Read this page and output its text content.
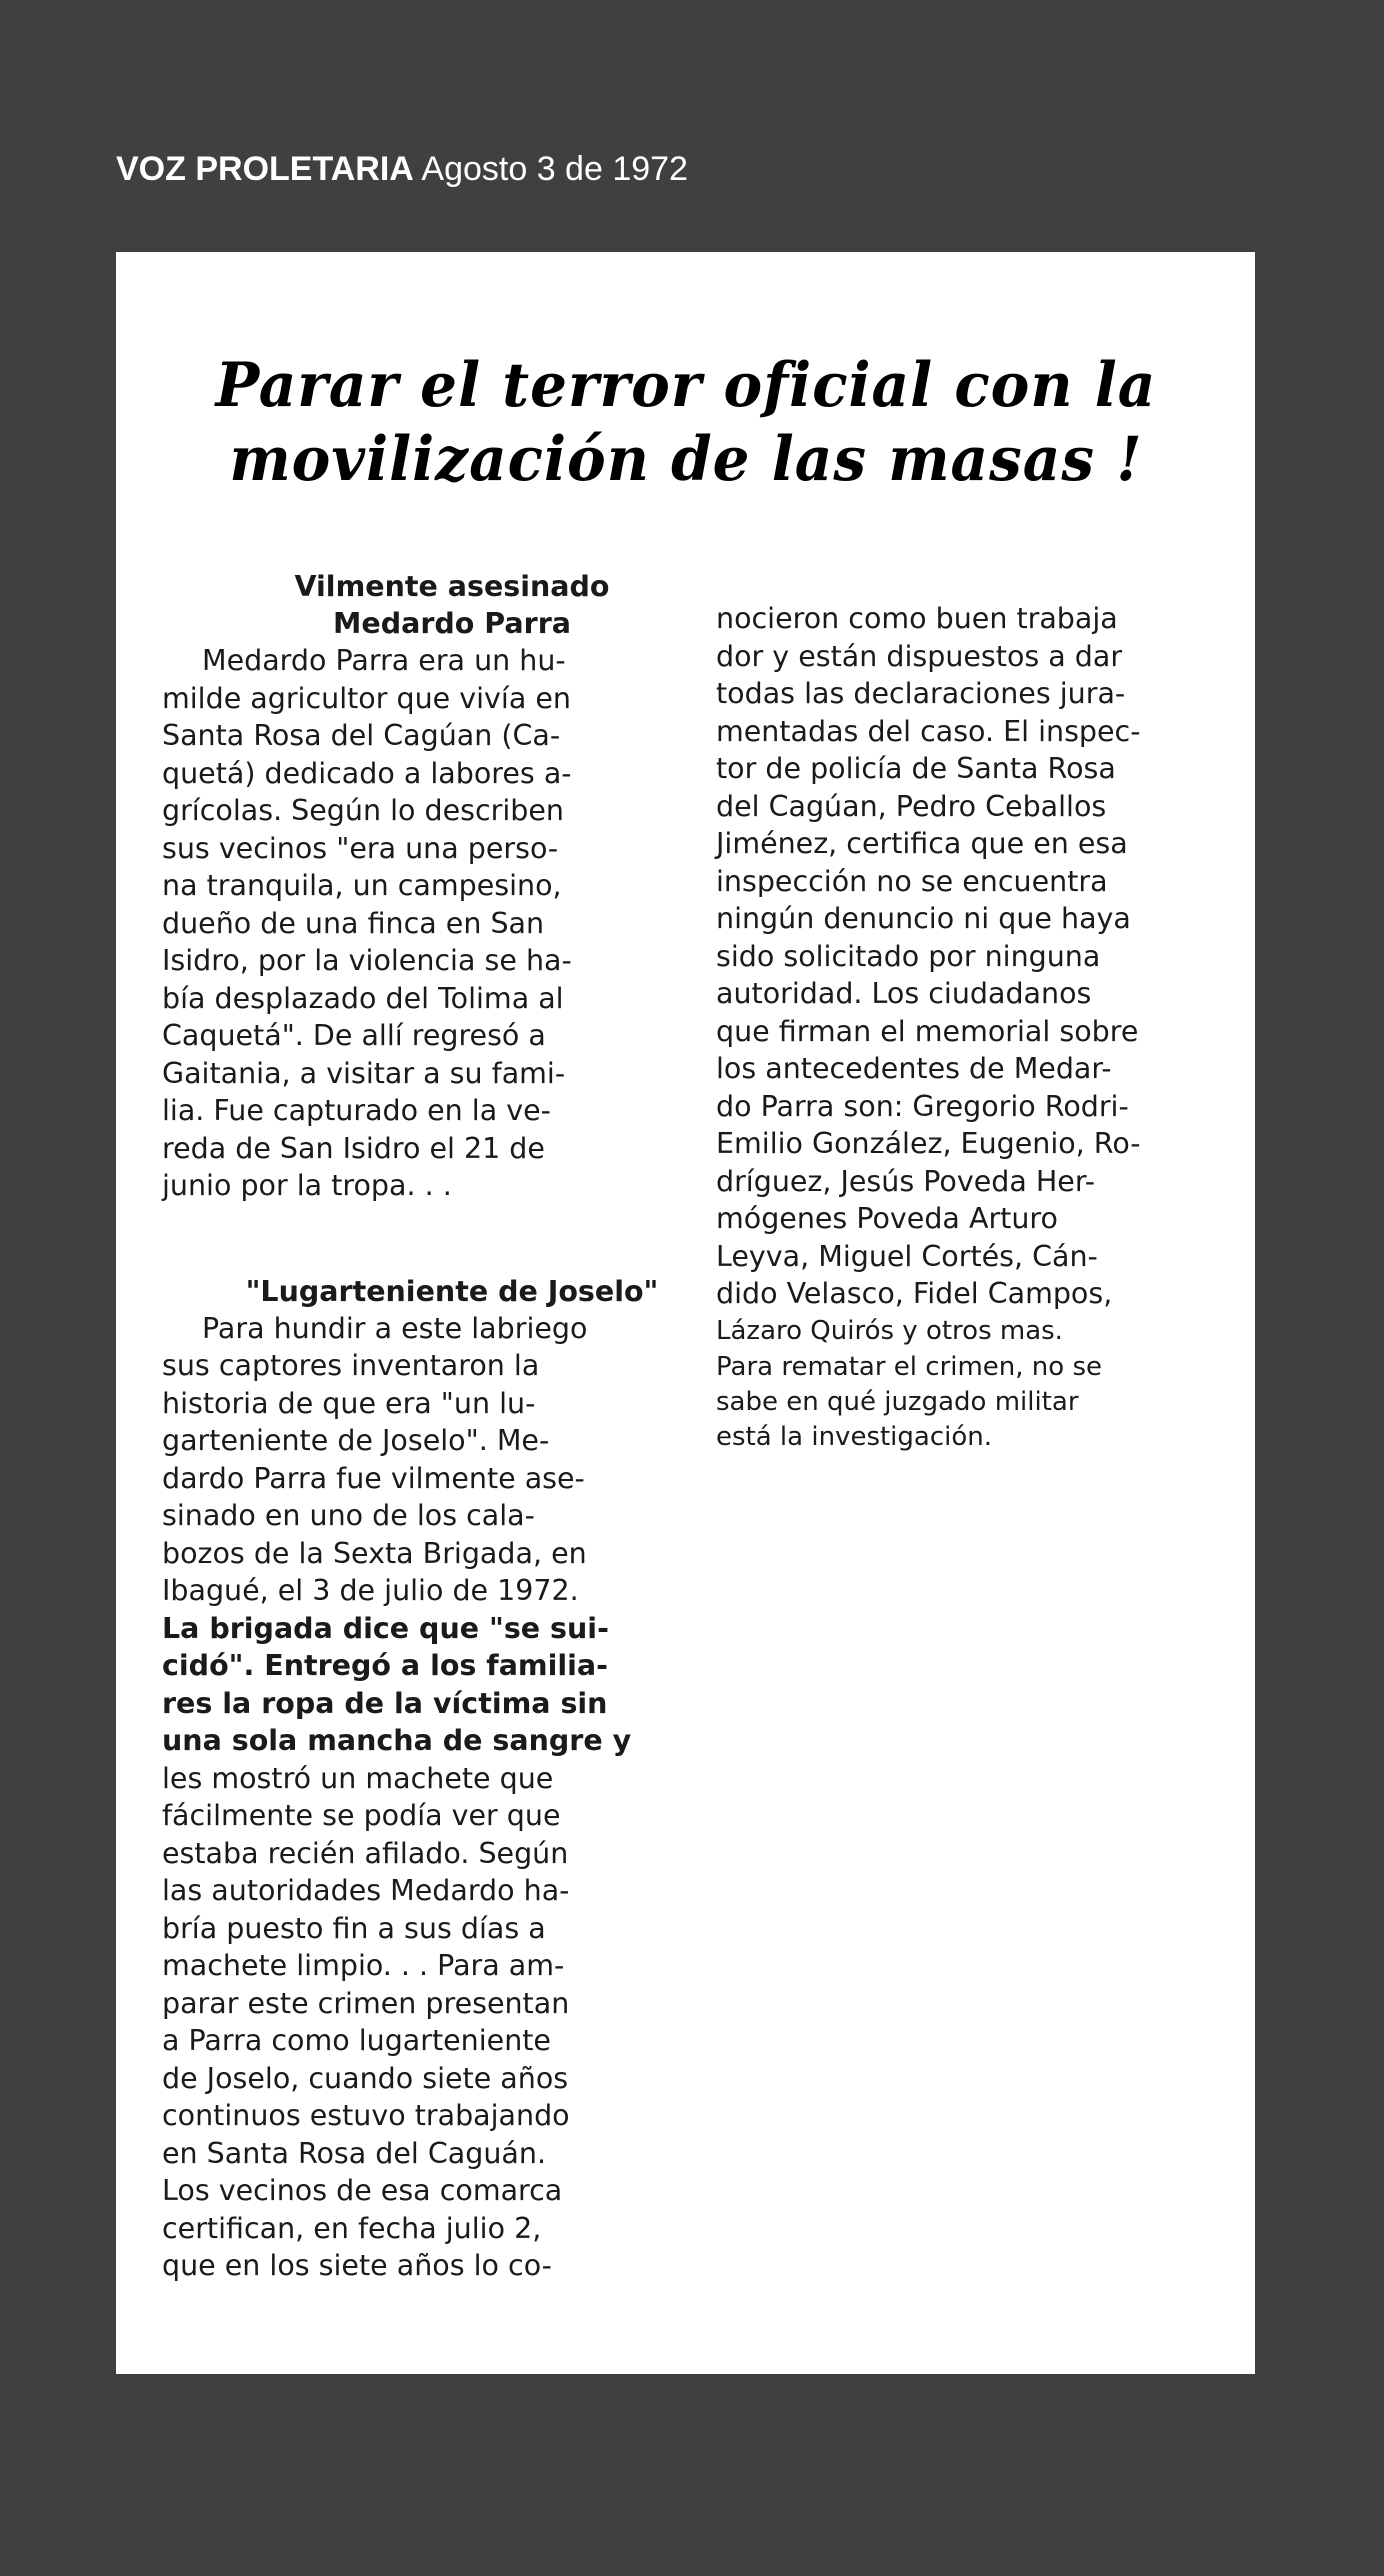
VOZ PROLETARIA Agosto 3 de 1972
Parar el terror oficial con la
movilización de las masas !
Vilmente asesinado
Medardo Parra
Medardo Parra era un hu-
milde agricultor que vivía en
Santa Rosa del Cagúan (Ca-
quetá) dedicado a labores a-
grícolas. Según lo describen
sus vecinos "era una perso-
na tranquila, un campesino,
dueño de una finca en San
Isidro, por la violencia se ha-
bía desplazado del Tolima al
Caquetá". De allí regresó a
Gaitania, a visitar a su fami-
lia. Fue capturado en la ve-
reda de San Isidro el 21 de
junio por la tropa. . .
"Lugarteniente de Joselo"
Para hundir a este labriego
sus captores inventaron la
historia de que era "un lu-
garteniente de Joselo". Me-
dardo Parra fue vilmente ase-
sinado en uno de los cala-
bozos de la Sexta Brigada, en
Ibagué, el 3 de julio de 1972.
La brigada dice que "se sui-
cidó". Entregó a los familia-
res la ropa de la víctima sin
una sola mancha de sangre y
les mostró un machete que
fácilmente se podía ver que
estaba recién afilado. Según
las autoridades Medardo ha-
bría puesto fin a sus días a
machete limpio. . . Para am-
parar este crimen presentan
a Parra como lugarteniente
de Joselo, cuando siete años
continuos estuvo trabajando
en Santa Rosa del Caguán.
Los vecinos de esa comarca
certifican, en fecha julio 2,
que en los siete años lo co-
nocieron como buen trabaja
dor y están dispuestos a dar
todas las declaraciones jura-
mentadas del caso. El inspec-
tor de policía de Santa Rosa
del Cagúan, Pedro Ceballos
Jiménez, certifica que en esa
inspección no se encuentra
ningún denuncio ni que haya
sido solicitado por ninguna
autoridad. Los ciudadanos
que firman el memorial sobre
los antecedentes de Medar-
do Parra son: Gregorio Rodri-
Emilio González, Eugenio, Ro-
dríguez, Jesús Poveda Her-
mógenes Poveda Arturo
Leyva, Miguel Cortés, Cán-
dido Velasco, Fidel Campos,
Lázaro Quirós y otros mas.
Para rematar el crimen, no se
sabe en qué juzgado militar
está la investigación.
